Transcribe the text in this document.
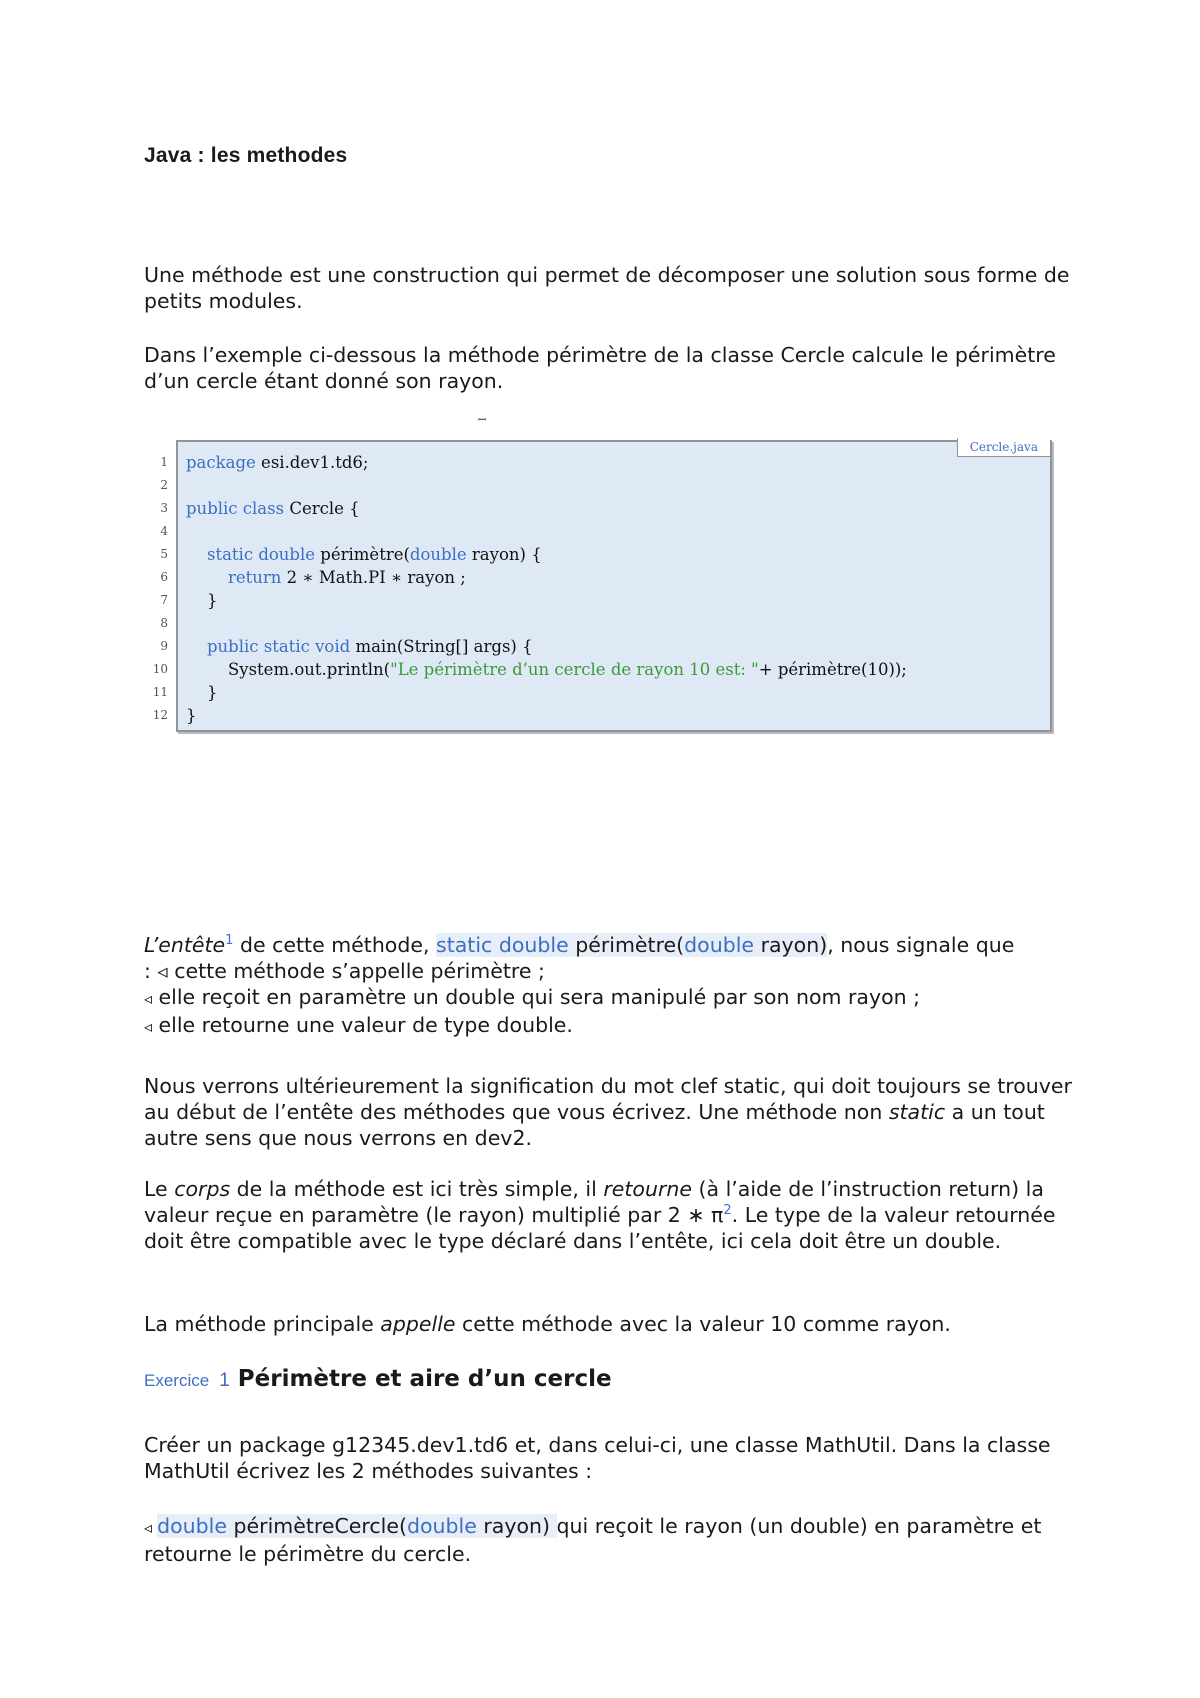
Java : les methodes
Une méthode est une construction qui permet de décomposer une solution sous forme de petits modules.
Dans l’exemple ci-dessous la méthode périmètre de la classe Cercle calcule le périmètre d’un cercle étant donné son rayon.
ꟷ
1
2
3
4
5
6
7
8
9
10
11
12
Cercle.java
package esi.dev1.td6;
public class Cercle {
static double périmètre(double rayon) {
return 2 ∗ Math.PI ∗ rayon ;
}
public static void main(String[] args) {
System.out.println("Le périmètre d’un cercle de rayon 10 est: "+ périmètre(10));
}
}
L’entête$^1$ de cette méthode, static double périmètre(double rayon), nous signale que
: ◃ cette méthode s’appelle périmètre ;
◃ elle reçoit en paramètre un double qui sera manipulé par son nom rayon ;
◃ elle retourne une valeur de type double.
Nous verrons ultérieurement la signification du mot clef static, qui doit toujours se trouver au début de l’entête des méthodes que vous écrivez. Une méthode non static a un tout autre sens que nous verrons en dev2.
Le corps de la méthode est ici très simple, il retourne (à l’aide de l’instruction return) la valeur reçue en paramètre (le rayon) multiplié par 2 ∗ $\pi^2$. Le type de la valeur retournée doit être compatible avec le type déclaré dans l’entête, ici cela doit être un double.
La méthode principale appelle cette méthode avec la valeur 10 comme rayon.
Exercice 1 Périmètre et aire d’un cercle
Créer un package g12345.dev1.td6 et, dans celui-ci, une classe MathUtil. Dans la classe MathUtil écrivez les 2 méthodes suivantes :
◃ double périmètreCercle(double rayon) qui reçoit le rayon (un double) en paramètre et retourne le périmètre du cercle.
